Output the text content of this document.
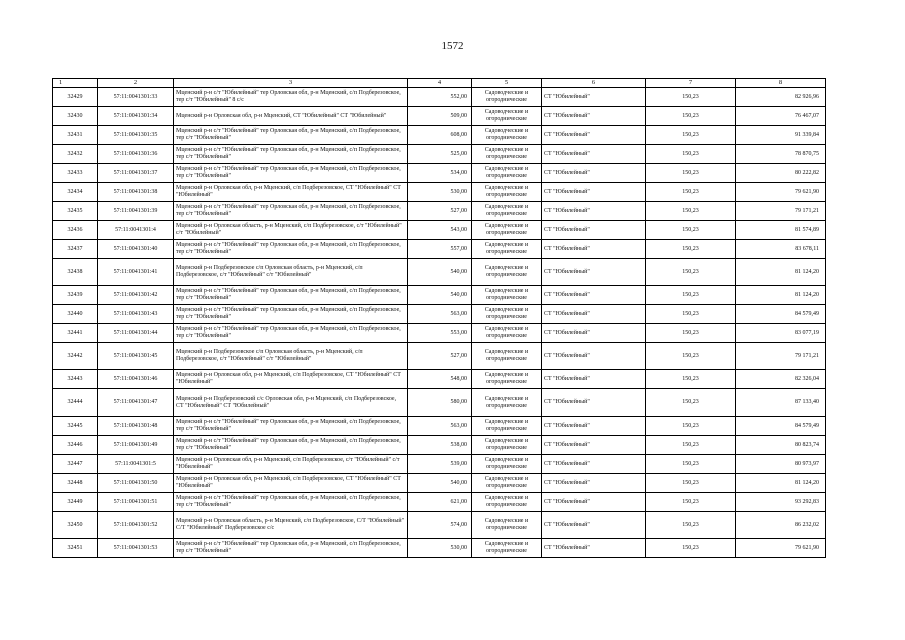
1572
1	2	3	4	5	6	7	8
32429	57:11:0041301:33	Мценский р-н с/т "Юбилейный" тер Орловская обл, р-н Мценский, с/п Подберезовское, тер с/т "Юбилейный" 8 с/с	552,00	Садоводческие и огороднические	СТ "Юбилейный"	150,23	82 926,96
32430	57:11:0041301:34	Мценский р-н Орловская обл, р-н Мценский, СТ "Юбилейный" СТ "Юбилейный"	509,00	Садоводческие и огороднические	СТ "Юбилейный"	150,23	76 467,07
32431	57:11:0041301:35	Мценский р-н с/т "Юбилейный" тер Орловская обл, р-н Мценский, с/п Подберезовское, тер с/т "Юбилейный"	608,00	Садоводческие и огороднические	СТ "Юбилейный"	150,23	91 339,84
32432	57:11:0041301:36	Мценский р-н с/т "Юбилейный" тер Орловская обл, р-н Мценский, с/п Подберезовское, тер с/т "Юбилейный"	525,00	Садоводческие и огороднические	СТ "Юбилейный"	150,23	78 870,75
32433	57:11:0041301:37	Мценский р-н с/т "Юбилейный" тер Орловская обл, р-н Мценский, с/п Подберезовское, тер с/т "Юбилейный"	534,00	Садоводческие и огороднические	СТ "Юбилейный"	150,23	80 222,82
32434	57:11:0041301:38	Мценский р-н Орловская обл, р-н Мценский, с/п Подберезовское, СТ "Юбилейный" СТ "Юбилейный"	530,00	Садоводческие и огороднические	СТ "Юбилейный"	150,23	79 621,90
32435	57:11:0041301:39	Мценский р-н с/т "Юбилейный" тер Орловская обл, р-н Мценский, с/п Подберезовское, тер с/т "Юбилейный"	527,00	Садоводческие и огороднические	СТ "Юбилейный"	150,23	79 171,21
32436	57:11:0041301:4	Мценский р-н Орловская область, р-н Мценский, с/п Подберезовское, с/т "Юбилейный" с/т "Юбилейный"	543,00	Садоводческие и огороднические	СТ "Юбилейный"	150,23	81 574,89
32437	57:11:0041301:40	Мценский р-н с/т "Юбилейный" тер Орловская обл, р-н Мценский, с/п Подберезовское, тер с/т "Юбилейный"	557,00	Садоводческие и огороднические	СТ "Юбилейный"	150,23	83 678,11
32438	57:11:0041301:41	Мценский р-н Подберезовское с/п Орловская область, р-н Мценский, с/п Подберезовское, с/т "Юбилейный" с/т "Юбилейный"	540,00	Садоводческие и огороднические	СТ "Юбилейный"	150,23	81 124,20
32439	57:11:0041301:42	Мценский р-н с/т "Юбилейный" тер Орловская обл, р-н Мценский, с/п Подберезовское, тер с/т "Юбилейный"	540,00	Садоводческие и огороднические	СТ "Юбилейный"	150,23	81 124,20
32440	57:11:0041301:43	Мценский р-н с/т "Юбилейный" тер Орловская обл, р-н Мценский, с/п Подберезовское, тер с/т "Юбилейный"	563,00	Садоводческие и огороднические	СТ "Юбилейный"	150,23	84 579,49
32441	57:11:0041301:44	Мценский р-н с/т "Юбилейный" тер Орловская обл, р-н Мценский, с/п Подберезовское, тер с/т "Юбилейный"	553,00	Садоводческие и огороднические	СТ "Юбилейный"	150,23	83 077,19
32442	57:11:0041301:45	Мценский р-н Подберезовское с/п Орловская область, р-н Мценский, с/п Подберезовское, с/т "Юбилейный" с/т "Юбилейный"	527,00	Садоводческие и огороднические	СТ "Юбилейный"	150,23	79 171,21
32443	57:11:0041301:46	Мценский р-н Орловская обл, р-н Мценский, с/п Подберезовское, СТ "Юбилейный" СТ "Юбилейный"	548,00	Садоводческие и огороднические	СТ "Юбилейный"	150,23	82 326,04
32444	57:11:0041301:47	Мценский р-н Подберезовский с/с Орловская обл, р-н Мценский, с/п Подберезовское, СТ "Юбилейный" СТ "Юбилейный"	580,00	Садоводческие и огороднические	СТ "Юбилейный"	150,23	87 133,40
32445	57:11:0041301:48	Мценский р-н с/т "Юбилейный" тер Орловская обл, р-н Мценский, с/п Подберезовское, тер с/т "Юбилейный"	563,00	Садоводческие и огороднические	СТ "Юбилейный"	150,23	84 579,49
32446	57:11:0041301:49	Мценский р-н с/т "Юбилейный" тер Орловская обл, р-н Мценский, с/п Подберезовское, тер с/т "Юбилейный"	538,00	Садоводческие и огороднические	СТ "Юбилейный"	150,23	80 823,74
32447	57:11:0041301:5	Мценский р-н Орловская обл, р-н Мценский, с/п Подберезовское, с/т "Юбилейный" с/т "Юбилейный"	539,00	Садоводческие и огороднические	СТ "Юбилейный"	150,23	80 973,97
32448	57:11:0041301:50	Мценский р-н Орловская обл, р-н Мценский, с/п Подберезовское, СТ "Юбилейный" СТ "Юбилейный"	540,00	Садоводческие и огороднические	СТ "Юбилейный"	150,23	81 124,20
32449	57:11:0041301:51	Мценский р-н с/т "Юбилейный" тер Орловская обл, р-н Мценский, с/п Подберезовское, тер с/т "Юбилейный"	621,00	Садоводческие и огороднические	СТ "Юбилейный"	150,23	93 292,83
32450	57:11:0041301:52	Мценский р-н Орловская область, р-н Мценский, с/п Подберезовское, С/Т "Юбилейный" С/Т "Юбилейный" Подберезовское с/с	574,00	Садоводческие и огороднические	СТ "Юбилейный"	150,23	86 232,02
32451	57:11:0041301:53	Мценский р-н с/т "Юбилейный" тер Орловская обл, р-н Мценский, с/п Подберезовское, тер с/т "Юбилейный"	530,00	Садоводческие и огороднические	СТ "Юбилейный"	150,23	79 621,90
